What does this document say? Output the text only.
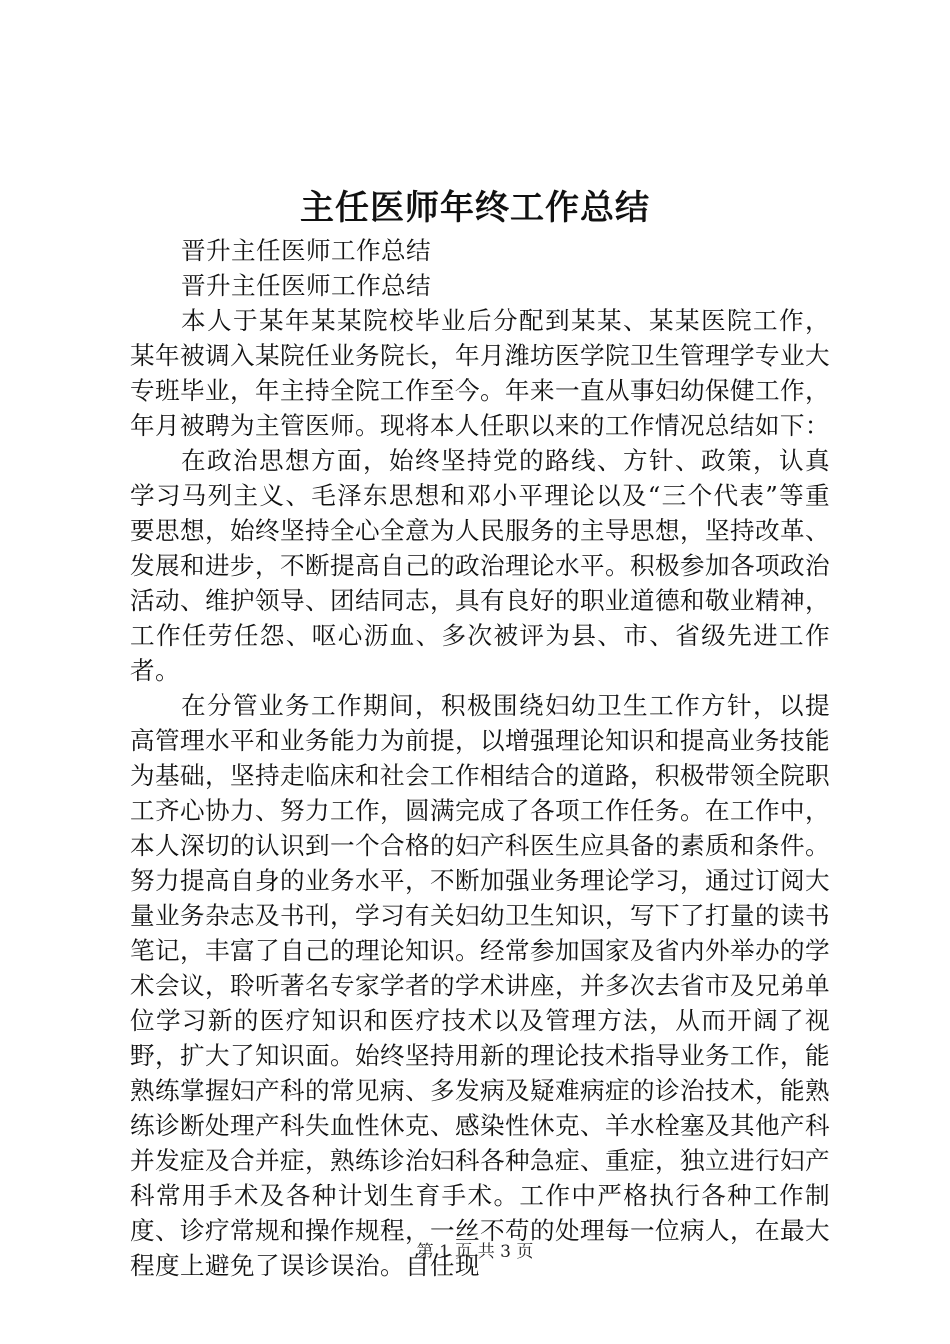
主任医师年终工作总结

晋升主任医师工作总结

晋升主任医师工作总结

本人于某年某某院校毕业后分配到某某、某某医院工作，某年被调入某院任业务院长，年月潍坊医学院卫生管理学专业大专班毕业，年主持全院工作至今。年来一直从事妇幼保健工作，年月被聘为主管医师。现将本人任职以来的工作情况总结如下：

在政治思想方面，始终坚持党的路线、方针、政策，认真学习马列主义、毛泽东思想和邓小平理论以及“三个代表”等重要思想，始终坚持全心全意为人民服务的主导思想，坚持改革、发展和进步，不断提高自己的政治理论水平。积极参加各项政治活动、维护领导、团结同志，具有良好的职业道德和敬业精神，工作任劳任怨、呕心沥血、多次被评为县、市、省级先进工作者。

在分管业务工作期间，积极围绕妇幼卫生工作方针，以提高管理水平和业务能力为前提，以增强理论知识和提高业务技能为基础，坚持走临床和社会工作相结合的道路，积极带领全院职工齐心协力、努力工作，圆满完成了各项工作任务。在工作中，本人深切的认识到一个合格的妇产科医生应具备的素质和条件。努力提高自身的业务水平，不断加强业务理论学习，通过订阅大量业务杂志及书刊，学习有关妇幼卫生知识，写下了打量的读书笔记，丰富了自己的理论知识。经常参加国家及省内外举办的学术会议，聆听著名专家学者的学术讲座，并多次去省市及兄弟单位学习新的医疗知识和医疗技术以及管理方法，从而开阔了视野，扩大了知识面。始终坚持用新的理论技术指导业务工作，能熟练掌握妇产科的常见病、多发病及疑难病症的诊治技术，能熟练诊断处理产科失血性休克、感染性休克、羊水栓塞及其他产科并发症及合并症，熟练诊治妇科各种急症、重症，独立进行妇产科常用手术及各种计划生育手术。工作中严格执行各种工作制度、诊疗常规和操作规程，一丝不苟的处理每一位病人，在最大程度上避免了误诊误治。自任现

第 1 页 共 3 页
